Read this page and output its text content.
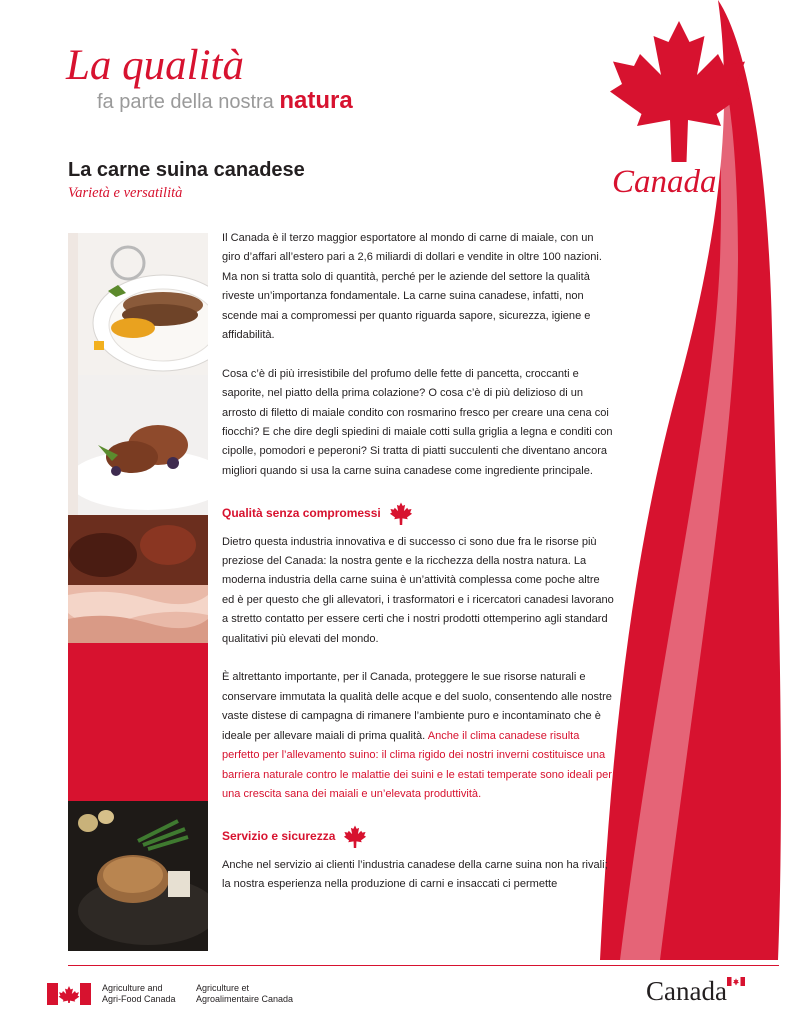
La qualità
fa parte della nostra natura
Canada
La carne suina canadese
Varietà e versatilità

Il Canada è il terzo maggior esportatore al mondo di carne di maiale, con un giro d’affari all’estero pari a 2,6 miliardi di dollari e vendite in oltre 100 nazioni. Ma non si tratta solo di quantità, perché per le aziende del settore la qualità riveste un’importanza fondamentale. La carne suina canadese, infatti, non scende mai a compromessi per quanto riguarda sapore, sicurezza, igiene e affidabilità.

Cosa c’è di più irresistibile del profumo delle fette di pancetta, croccanti e saporite, nel piatto della prima colazione? O cosa c’è di più delizioso di un arrosto di filetto di maiale condito con rosmarino fresco per creare una cena coi fiocchi? E che dire degli spiedini di maiale cotti sulla griglia a legna e conditi con cipolle, pomodori e peperoni? Si tratta di piatti succulenti che diventano ancora migliori quando si usa la carne suina canadese come ingrediente principale.

Qualità senza compromessi

Dietro questa industria innovativa e di successo ci sono due fra le risorse più preziose del Canada: la nostra gente e la ricchezza della nostra natura. La moderna industria della carne suina è un’attività complessa come poche altre ed è per questo che gli allevatori, i trasformatori e i ricercatori canadesi lavorano a stretto contatto per essere certi che i nostri prodotti ottemperino agli standard qualitativi più elevati del mondo.

È altrettanto importante, per il Canada, proteggere le sue risorse naturali e conservare immutata la qualità delle acque e del suolo, consentendo alle nostre vaste distese di campagna di rimanere l’ambiente puro e incontaminato che è ideale per allevare maiali di prima qualità. Anche il clima canadese risulta perfetto per l’allevamento suino: il clima rigido dei nostri inverni costituisce una barriera naturale contro le malattie dei suini e le estati temperate sono ideali per una crescita sana dei maiali e un’elevata produttività.

Servizio e sicurezza

Anche nel servizio ai clienti l’industria canadese della carne suina non ha rivali; la nostra esperienza nella produzione di carni e insaccati ci permette

Agriculture and
Agri-Food Canada
Agriculture et
Agroalimentaire Canada	Canada
